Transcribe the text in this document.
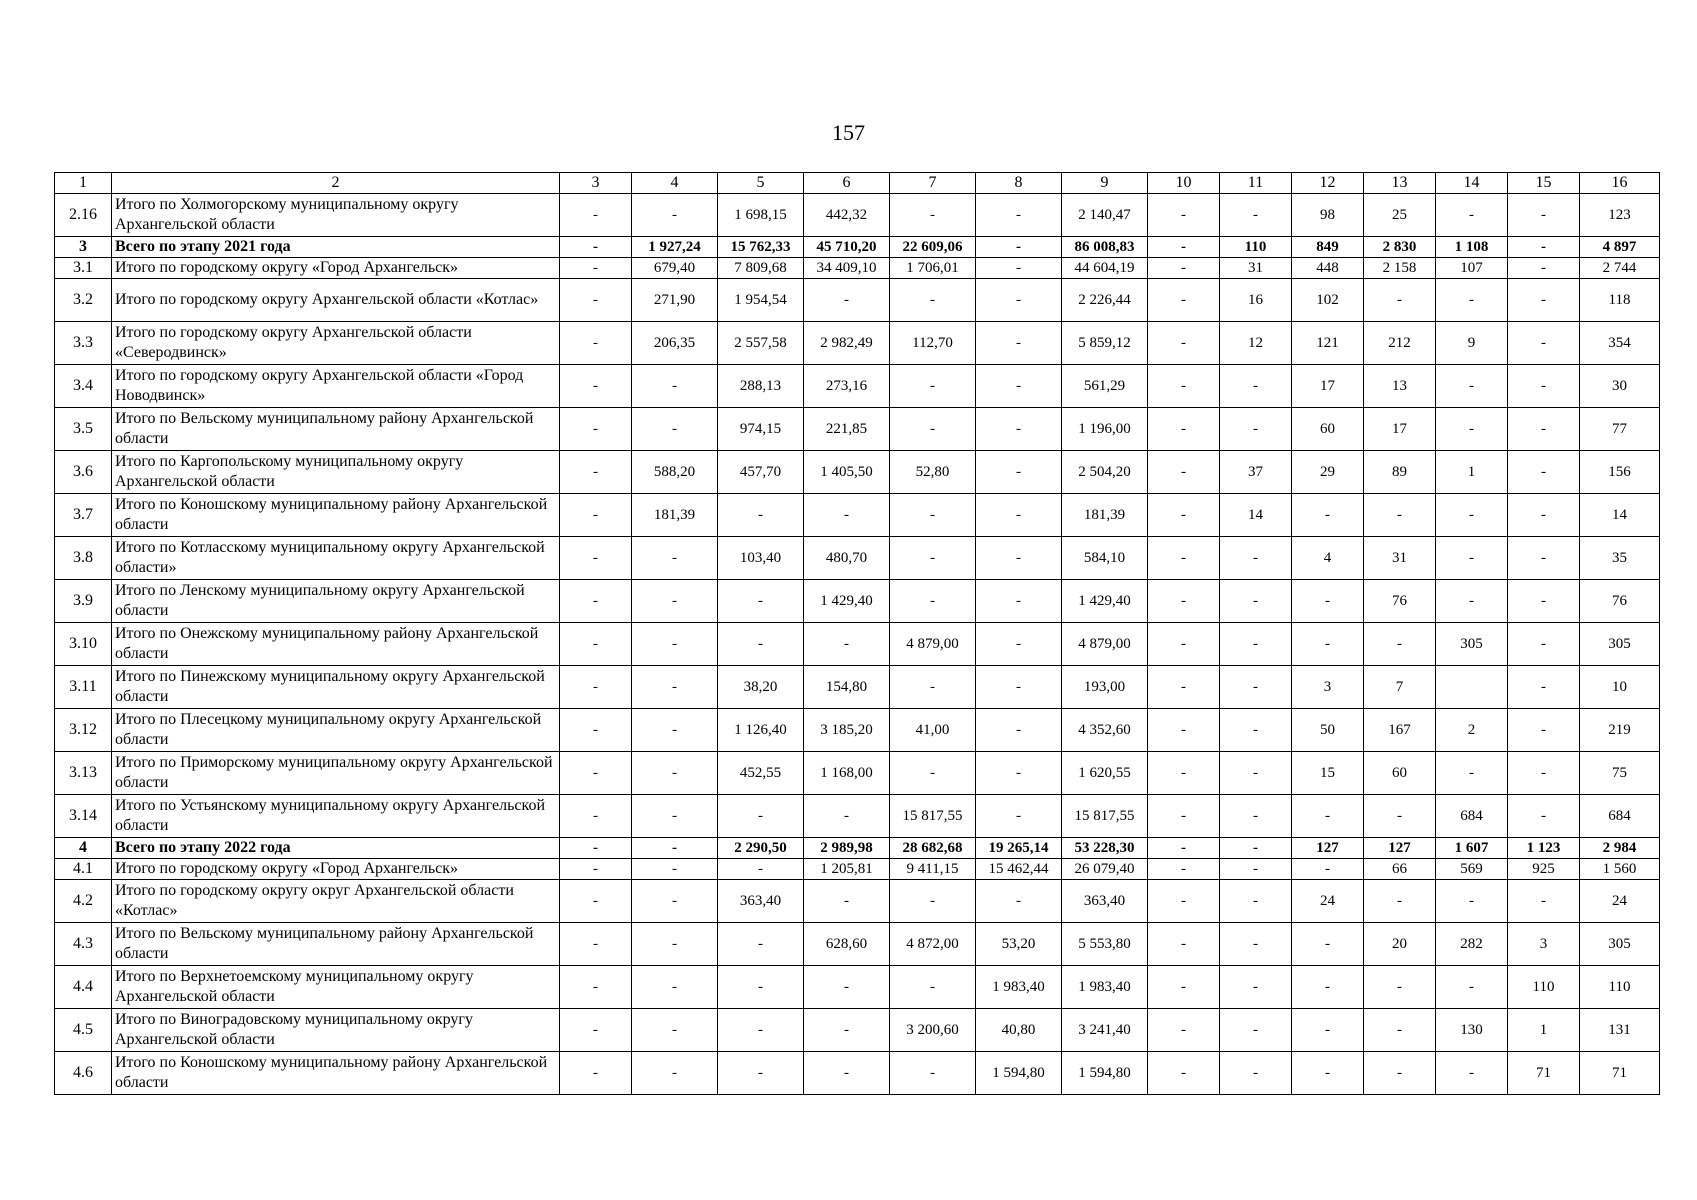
157
1	2	3	4	5	6	7	8	9	10	11	12	13	14	15	16
2.16	Итого по Холмогорскому муниципальному округу Архангельской области	-	-	1 698,15	442,32	-	-	2 140,47	-	-	98	25	-	-	123
3	Всего по этапу 2021 года	-	1 927,24	15 762,33	45 710,20	22 609,06	-	86 008,83	-	110	849	2 830	1 108	-	4 897
3.1	Итого по городскому округу «Город Архангельск»	-	679,40	7 809,68	34 409,10	1 706,01	-	44 604,19	-	31	448	2 158	107	-	2 744
3.2	Итого по городскому округу Архангельской области «Котлас»	-	271,90	1 954,54	-	-	-	2 226,44	-	16	102	-	-	-	118
3.3	Итого по городскому округу Архангельской области «Северодвинск»	-	206,35	2 557,58	2 982,49	112,70	-	5 859,12	-	12	121	212	9	-	354
3.4	Итого по городскому округу Архангельской области «Город Новодвинск»	-	-	288,13	273,16	-	-	561,29	-	-	17	13	-	-	30
3.5	Итого по Вельскому муниципальному району Архангельской области	-	-	974,15	221,85	-	-	1 196,00	-	-	60	17	-	-	77
3.6	Итого по Каргопольскому муниципальному округу Архангельской области	-	588,20	457,70	1 405,50	52,80	-	2 504,20	-	37	29	89	1	-	156
3.7	Итого по Коношскому муниципальному району Архангельской области	-	181,39	-	-	-	-	181,39	-	14	-	-	-	-	14
3.8	Итого по Котласскому муниципальному округу Архангельской области»	-	-	103,40	480,70	-	-	584,10	-	-	4	31	-	-	35
3.9	Итого по Ленскому муниципальному округу Архангельской области	-	-	-	1 429,40	-	-	1 429,40	-	-	-	76	-	-	76
3.10	Итого по Онежскому муниципальному району Архангельской области	-	-	-	-	4 879,00	-	4 879,00	-	-	-	-	305	-	305
3.11	Итого по Пинежскому муниципальному округу Архангельской области	-	-	38,20	154,80	-	-	193,00	-	-	3	7		-	10
3.12	Итого по Плесецкому муниципальному округу Архангельской области	-	-	1 126,40	3 185,20	41,00	-	4 352,60	-	-	50	167	2	-	219
3.13	Итого по Приморскому муниципальному округу Архангельской области	-	-	452,55	1 168,00	-	-	1 620,55	-	-	15	60	-	-	75
3.14	Итого по Устьянскому муниципальному округу Архангельской области	-	-	-	-	15 817,55	-	15 817,55	-	-	-	-	684	-	684
4	Всего по этапу 2022 года	-	-	2 290,50	2 989,98	28 682,68	19 265,14	53 228,30	-	-	127	127	1 607	1 123	2 984
4.1	Итого по городскому округу «Город Архангельск»	-	-	-	1 205,81	9 411,15	15 462,44	26 079,40	-	-	-	66	569	925	1 560
4.2	Итого по городскому округу округ Архангельской области «Котлас»	-	-	363,40	-	-	-	363,40	-	-	24	-	-	-	24
4.3	Итого по Вельскому муниципальному району Архангельской области	-	-	-	628,60	4 872,00	53,20	5 553,80	-	-	-	20	282	3	305
4.4	Итого по Верхнетоемскому муниципальному округу Архангельской области	-	-	-	-	-	1 983,40	1 983,40	-	-	-	-	-	110	110
4.5	Итого по Виноградовскому муниципальному округу Архангельской области	-	-	-	-	3 200,60	40,80	3 241,40	-	-	-	-	130	1	131
4.6	Итого по Коношскому муниципальному району Архангельской области	-	-	-	-	-	1 594,80	1 594,80	-	-	-	-	-	71	71
